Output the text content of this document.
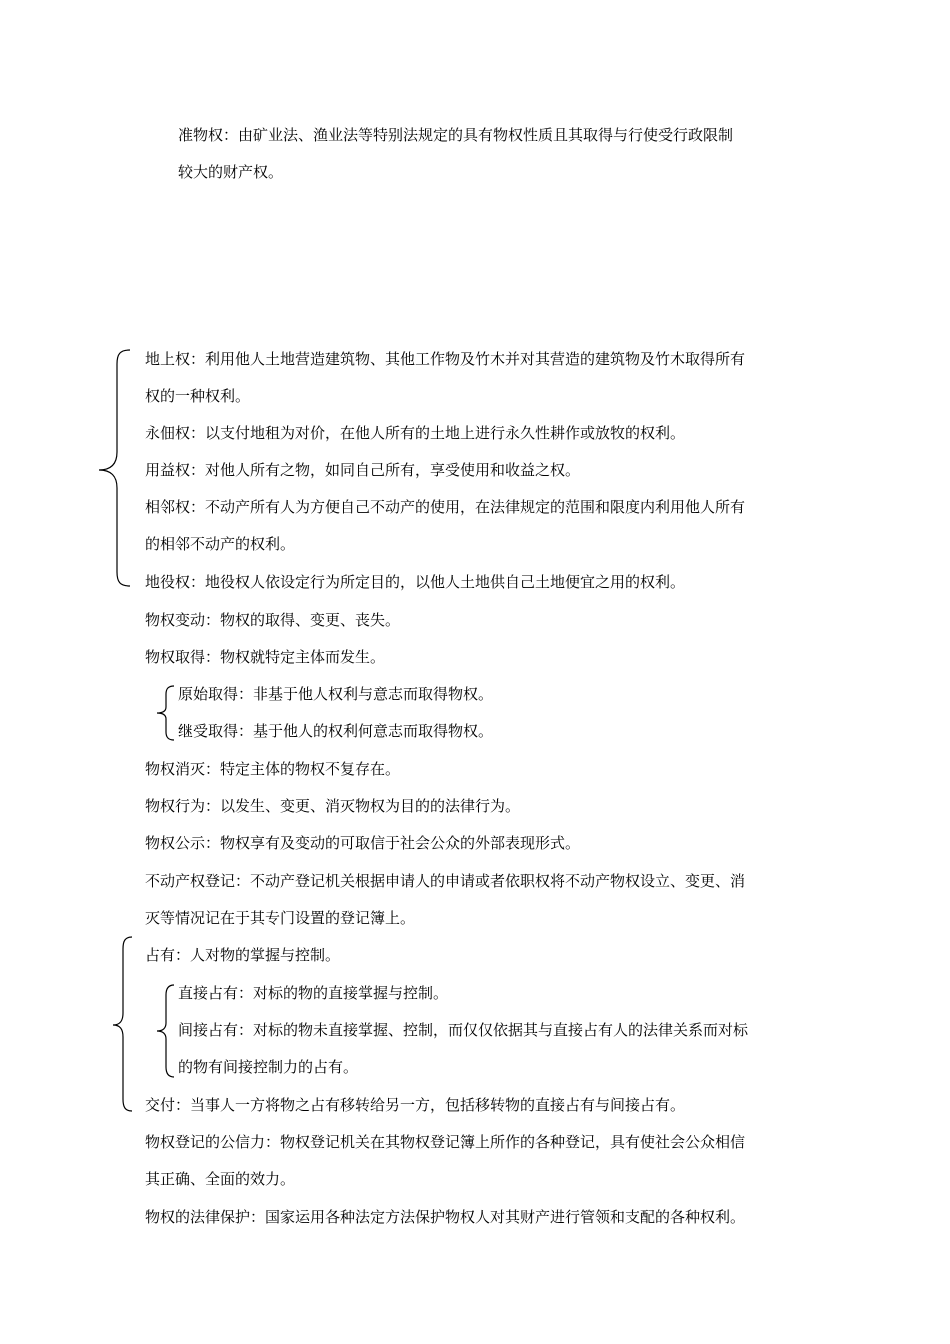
准物权：由矿业法、渔业法等特别法规定的具有物权性质且其取得与行使受行政限制
较大的财产权。
地上权：利用他人土地营造建筑物、其他工作物及竹木并对其营造的建筑物及竹木取得所有
权的一种权利。
永佃权：以支付地租为对价，在他人所有的土地上进行永久性耕作或放牧的权利。
用益权：对他人所有之物，如同自己所有，享受使用和收益之权。
相邻权：不动产所有人为方便自己不动产的使用，在法律规定的范围和限度内利用他人所有
的相邻不动产的权利。
地役权：地役权人依设定行为所定目的，以他人土地供自己土地便宜之用的权利。
物权变动：物权的取得、变更、丧失。
物权取得：物权就特定主体而发生。
原始取得：非基于他人权利与意志而取得物权。
继受取得：基于他人的权利何意志而取得物权。
物权消灭：特定主体的物权不复存在。
物权行为：以发生、变更、消灭物权为目的的法律行为。
物权公示：物权享有及变动的可取信于社会公众的外部表现形式。
不动产权登记：不动产登记机关根据申请人的申请或者依职权将不动产物权设立、变更、消
灭等情况记在于其专门设置的登记簿上。
占有：人对物的掌握与控制。
直接占有：对标的物的直接掌握与控制。
间接占有：对标的物未直接掌握、控制，而仅仅依据其与直接占有人的法律关系而对标
的物有间接控制力的占有。
交付：当事人一方将物之占有移转给另一方，包括移转物的直接占有与间接占有。
物权登记的公信力：物权登记机关在其物权登记簿上所作的各种登记，具有使社会公众相信
其正确、全面的效力。
物权的法律保护：国家运用各种法定方法保护物权人对其财产进行管领和支配的各种权利。
